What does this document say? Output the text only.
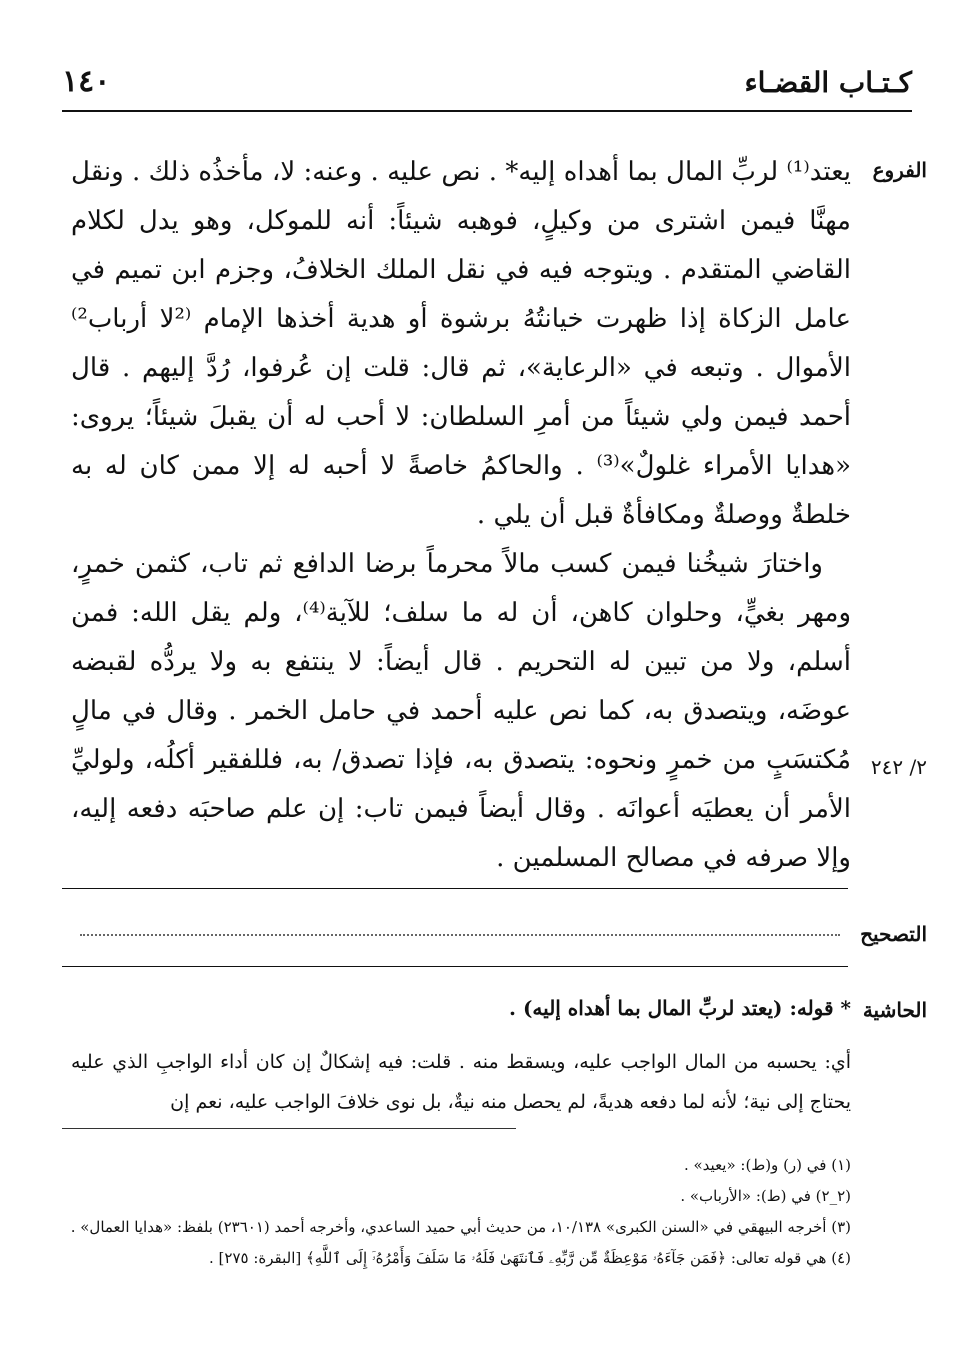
١٤٠	كـتـاب القضـاء
الفروع
٢/ ٢٤٢

يعتد⁽¹⁾ لربِّ المال بما أهداه إليه* . نص عليه . وعنه: لا، مأخذُه ذلك . ونقل مهنَّا فيمن اشترى من وكيلٍ، فوهبه شيئاً: أنه للموكل، وهو يدل لكلام القاضي المتقدم . ويتوجه فيه في نقل الملك الخلافُ، وجزم ابن تميم في عامل الزكاة إذا ظهرت خيانتُهُ برشوة أو هدية أخذها الإمام ⁽²لا أرباب²⁾ الأموال . وتبعه في «الرعاية»، ثم قال: قلت إن عُرفوا، رُدَّ إليهم . قال أحمد فيمن ولي شيئاً من أمرِ السلطان: لا أحب له أن يقبلَ شيئاً؛ يروى: «هدايا الأمراء غلولٌ»⁽³⁾ . والحاكمُ خاصةً لا أحبه له إلا ممن كان له به خلطةٌ ووصلةٌ ومكافأةٌ قبل أن يلي .

واختارَ شيخُنا فيمن كسب مالاً محرماً برضا الدافع ثم تاب، كثمن خمرٍ، ومهر بغيٍّ، وحلوان كاهن، أن له ما سلف؛ للآية⁽⁴⁾، ولم يقل الله: فمن أسلم، ولا من تبين له التحريم . قال أيضاً: لا ينتفع به ولا يردُّه لقبضه عوضَه، ويتصدق به، كما نص عليه أحمد في حامل الخمر . وقال في مالٍ مُكتسَبٍ من خمرٍ ونحوه: يتصدق به، فإذا تصدق/ به، فللفقير أكلُه، ولوليِّ الأمر أن يعطيَه أعوانَه . وقال أيضاً فيمن تاب: إن علم صاحبَه دفعه إليه، وإلا صرفه في مصالح المسلمين .

التصحيح
الحاشية
* قوله: (يعتد لربِّ المال بما أهداه إليه) .
أي: يحسبه من المال الواجب عليه، ويسقط منه . قلت: فيه إشكالٌ إن كان أداء الواجبِ الذي عليه يحتاج إلى نية؛ لأنه لما دفعه هديةً، لم يحصل منه نيةٌ، بل نوى خلافَ الواجب عليه، نعم إن
(١) في (ر) و(ط): «يعيد» .
(٢_٢) في (ط): «الأرباب» .
(٣) أخرجه البيهقي في «السنن الكبرى» ١٠/١٣٨، من حديث أبي حميد الساعدي، وأخرجه أحمد (٢٣٦٠١) بلفظ: «هدايا العمال» .
(٤) هي قوله تعالى: ﴿فَمَن جَآءَهُۥ مَوْعِظَةٌ مِّن رَّبِّهِۦ فَٱنتَهَىٰ فَلَهُۥ مَا سَلَفَ وَأَمْرُهُۥٓ إِلَى ٱللَّهِ﴾ [البقرة: ٢٧٥] .
